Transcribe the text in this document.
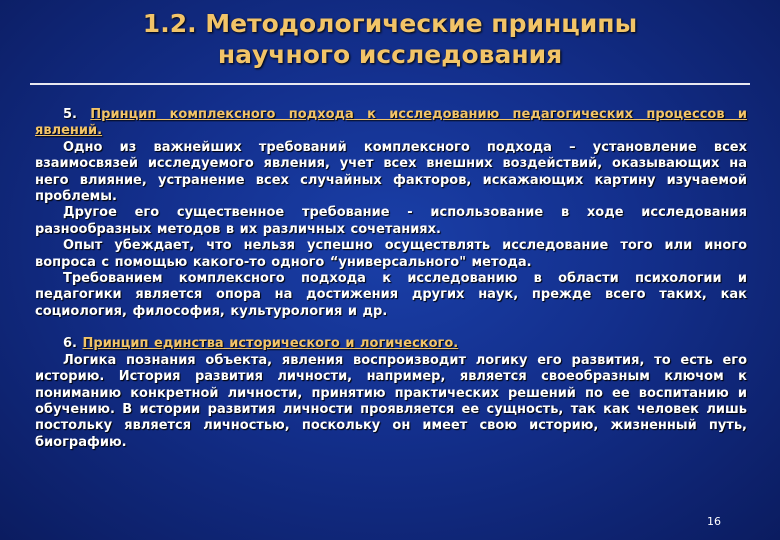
1.2. Методологические принципы
научного исследования

5. Принцип комплексного подхода к исследованию педагогических процессов и явлений.

Одно из важнейших требований комплексного подхода – установление всех взаимосвязей исследуемого явления, учет всех внешних воздействий, оказывающих на него влияние, устранение всех случайных факторов, искажающих картину изучаемой проблемы.

Другое его существенное требование - использование в ходе исследования разнообразных методов в их различных сочетаниях.

Опыт убеждает, что нельзя успешно осуществлять исследование того или иного вопроса с помощью какого-то одного “универсального" метода.

Требованием комплексного подхода к исследованию в области психологии и педагогики является опора на достижения других наук, прежде всего таких, как социология, философия, культурология и др.

6. Принцип единства исторического и логического.

Логика познания объекта, явления воспроизводит логику его развития, то есть его историю. История развития личности, например, является своеобразным ключом к пониманию конкретной личности, принятию практических решений по ее воспитанию и обучению. В истории развития личности проявляется ее сущность, так как человек лишь постольку является личностью, поскольку он имеет свою историю, жизненный путь, биографию.

16
